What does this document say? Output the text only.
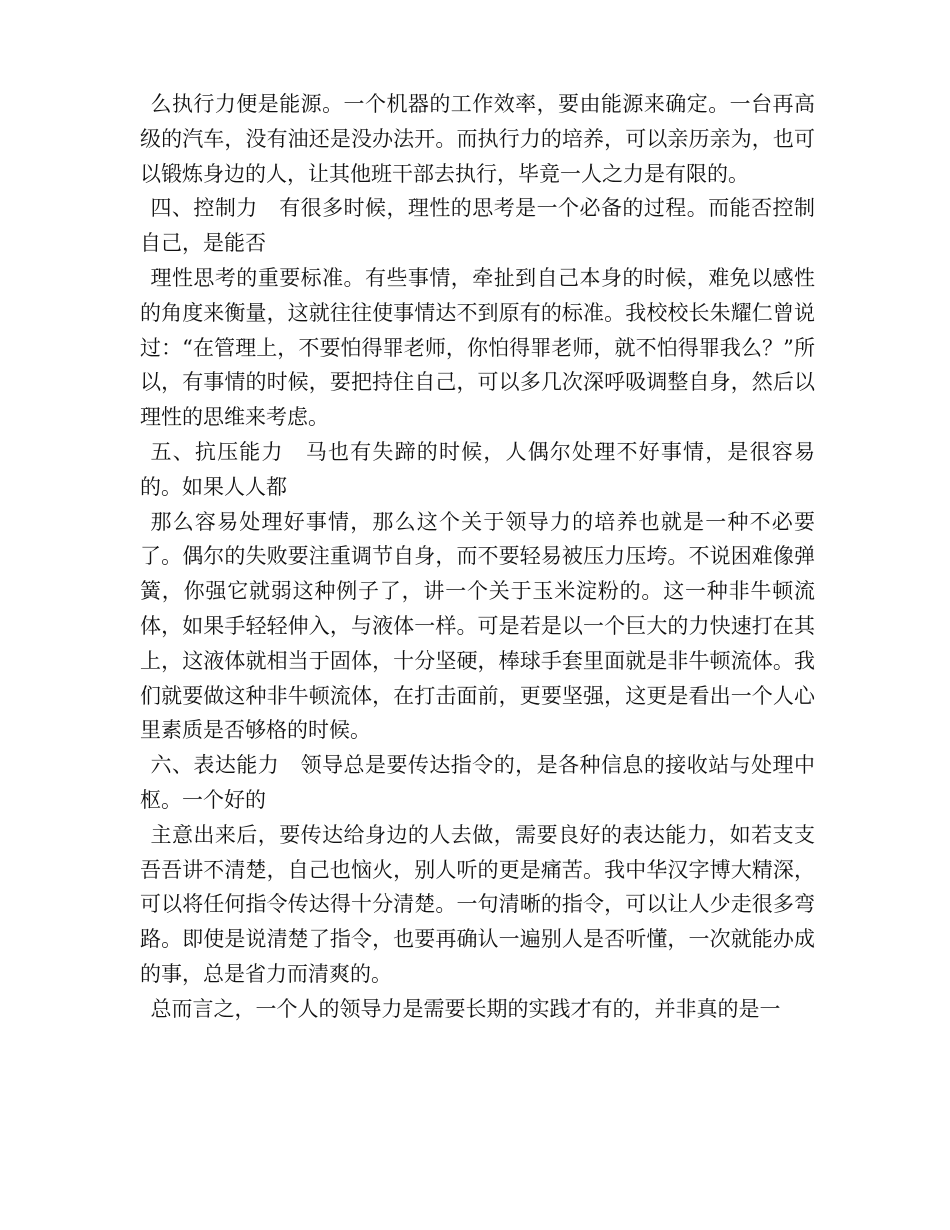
么执行力便是能源。一个机器的工作效率，要由能源来确定。一台再高级的汽车，没有油还是没办法开。而执行力的培养，可以亲历亲为，也可以锻炼身边的人，让其他班干部去执行，毕竟一人之力是有限的。

四、控制力　有很多时候，理性的思考是一个必备的过程。而能否控制自己，是能否

理性思考的重要标准。有些事情，牵扯到自己本身的时候，难免以感性的角度来衡量，这就往往使事情达不到原有的标准。我校校长朱耀仁曾说过：“在管理上，不要怕得罪老师，你怕得罪老师，就不怕得罪我么？”所以，有事情的时候，要把持住自己，可以多几次深呼吸调整自身，然后以理性的思维来考虑。

五、抗压能力　马也有失蹄的时候，人偶尔处理不好事情，是很容易的。如果人人都

那么容易处理好事情，那么这个关于领导力的培养也就是一种不必要了。偶尔的失败要注重调节自身，而不要轻易被压力压垮。不说困难像弹簧，你强它就弱这种例子了，讲一个关于玉米淀粉的。这一种非牛顿流体，如果手轻轻伸入，与液体一样。可是若是以一个巨大的力快速打在其上，这液体就相当于固体，十分坚硬，棒球手套里面就是非牛顿流体。我们就要做这种非牛顿流体，在打击面前，更要坚强，这更是看出一个人心里素质是否够格的时候。

六、表达能力　领导总是要传达指令的，是各种信息的接收站与处理中枢。一个好的

主意出来后，要传达给身边的人去做，需要良好的表达能力，如若支支吾吾讲不清楚，自己也恼火，别人听的更是痛苦。我中华汉字博大精深，可以将任何指令传达得十分清楚。一句清晰的指令，可以让人少走很多弯路。即使是说清楚了指令，也要再确认一遍别人是否听懂，一次就能办成的事，总是省力而清爽的。

总而言之，一个人的领导力是需要长期的实践才有的，并非真的是一
